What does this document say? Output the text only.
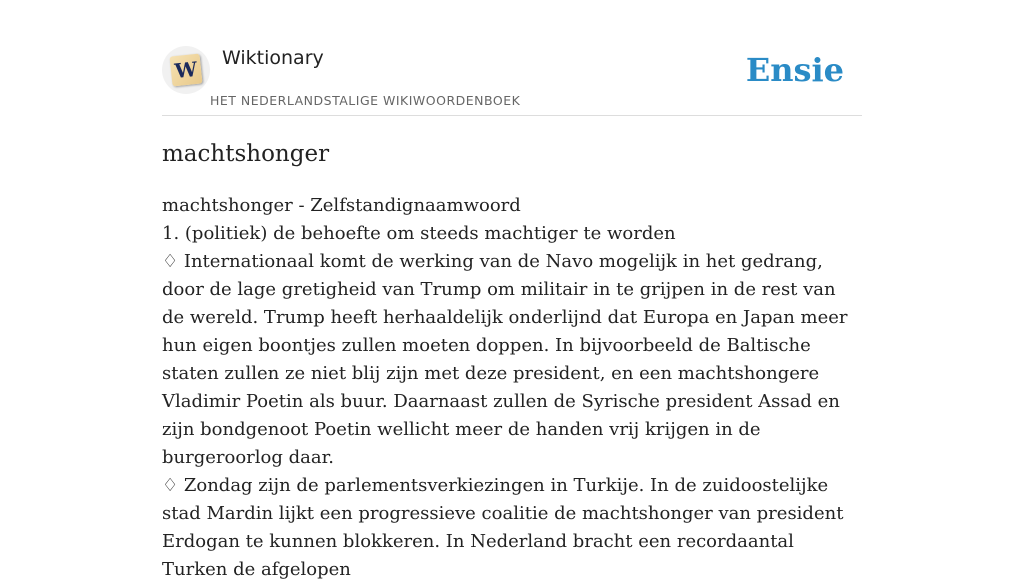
W Wiktionary
HET NEDERLANDSTALIGE WIKIWOORDENBOEK
Ensie
machtshonger

machtshonger - Zelfstandignaamwoord

1. (politiek) de behoefte om steeds machtiger te worden

♢ Internationaal komt de werking van de Navo mogelijk in het gedrang, door de lage gretigheid van Trump om militair in te grijpen in de rest van de wereld. Trump heeft herhaaldelijk onderlijnd dat Europa en Japan meer hun eigen boontjes zullen moeten doppen. In bijvoorbeeld de Baltische staten zullen ze niet blij zijn met deze president, en een machtshongere Vladimir Poetin als buur. Daarnaast zullen de Syrische president Assad en zijn bondgenoot Poetin wellicht meer de handen vrij krijgen in de burgeroorlog daar.

♢ Zondag zijn de parlementsverkiezingen in Turkije. In de zuidoostelijke stad Mardin lijkt een progressieve coalitie de machtshonger van president Erdogan te kunnen blokkeren. In Nederland bracht een recordaantal Turken de afgelopen
